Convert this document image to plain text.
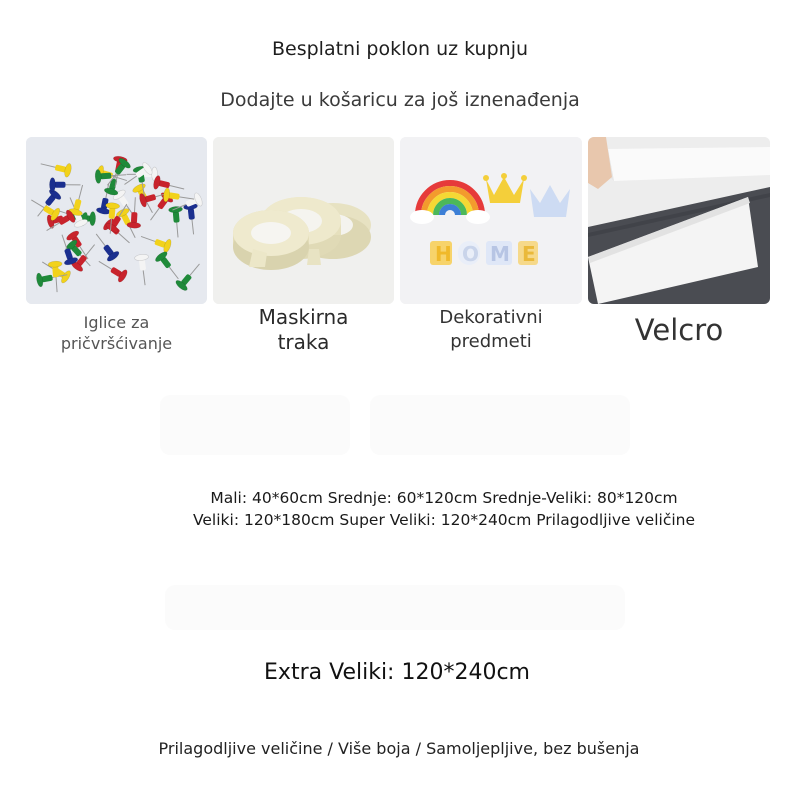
Besplatni poklon uz kupnju
Dodajte u košaricu za još iznenađenja
H O M E
Iglice za
pričvršćivanje
Maskirna
traka
Dekorativni
predmeti	Velcro
Mali: 40*60cm Srednje: 60*120cm Srednje-Veliki: 80*120cm
Veliki: 120*180cm Super Veliki: 120*240cm Prilagodljive veličine
Extra Veliki: 120*240cm
Prilagodljive veličine / Više boja / Samoljepljive, bez bušenja
